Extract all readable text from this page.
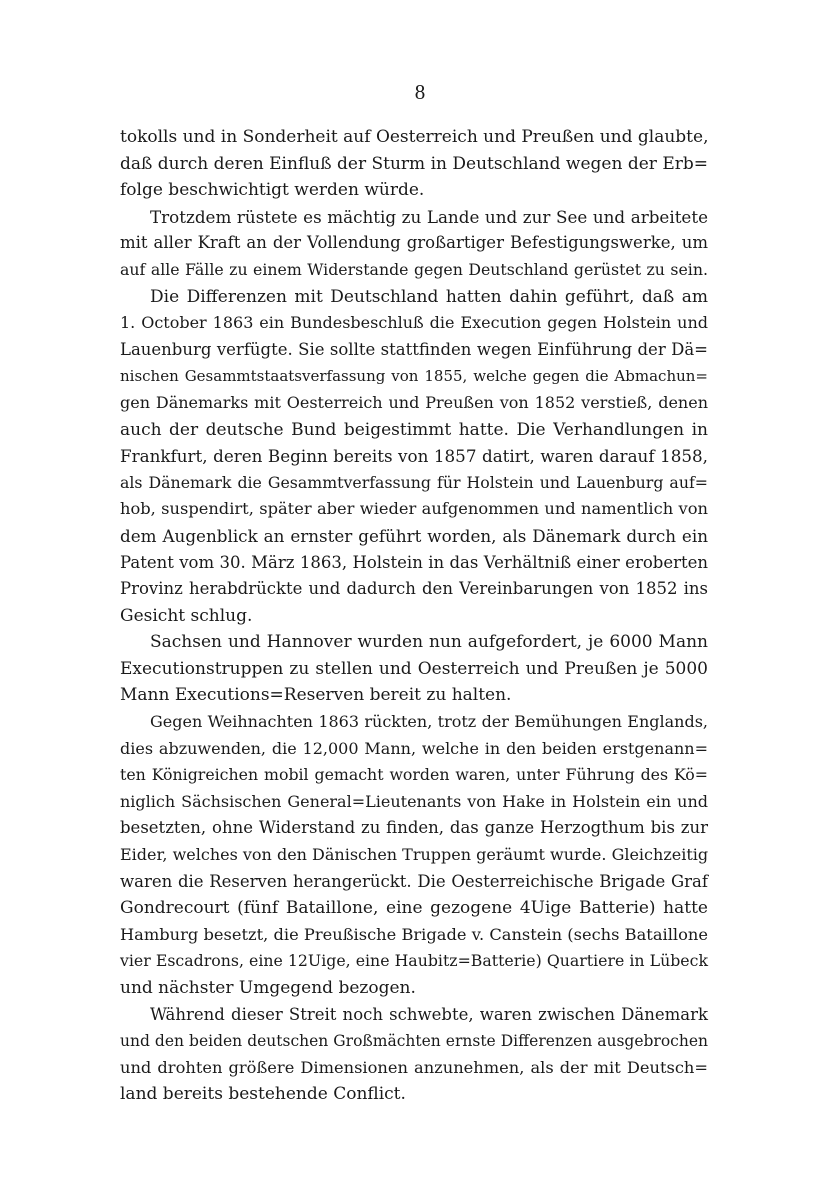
8
tokolls und in Sonderheit auf Oesterreich und Preußen und glaubte,
daß durch deren Einfluß der Sturm in Deutschland wegen der Erb=
folge beschwichtigt werden würde.
Trotzdem rüstete es mächtig zu Lande und zur See und arbeitete
mit aller Kraft an der Vollendung großartiger Befestigungswerke, um
auf alle Fälle zu einem Widerstande gegen Deutschland gerüstet zu sein.
Die Differenzen mit Deutschland hatten dahin geführt, daß am
1. October 1863 ein Bundesbeschluß die Execution gegen Holstein und
Lauenburg verfügte. Sie sollte stattfinden wegen Einführung der Dä=
nischen Gesammtstaatsverfassung von 1855, welche gegen die Abmachun=
gen Dänemarks mit Oesterreich und Preußen von 1852 verstieß, denen
auch der deutsche Bund beigestimmt hatte. Die Verhandlungen in
Frankfurt, deren Beginn bereits von 1857 datirt, waren darauf 1858,
als Dänemark die Gesammtverfassung für Holstein und Lauenburg auf=
hob, suspendirt, später aber wieder aufgenommen und namentlich von
dem Augenblick an ernster geführt worden, als Dänemark durch ein
Patent vom 30. März 1863, Holstein in das Verhältniß einer eroberten
Provinz herabdrückte und dadurch den Vereinbarungen von 1852 ins
Gesicht schlug.
Sachsen und Hannover wurden nun aufgefordert, je 6000 Mann
Executionstruppen zu stellen und Oesterreich und Preußen je 5000
Mann Executions=Reserven bereit zu halten.
Gegen Weihnachten 1863 rückten, trotz der Bemühungen Englands,
dies abzuwenden, die 12,000 Mann, welche in den beiden erstgenann=
ten Königreichen mobil gemacht worden waren, unter Führung des Kö=
niglich Sächsischen General=Lieutenants von Hake in Holstein ein und
besetzten, ohne Widerstand zu finden, das ganze Herzogthum bis zur
Eider, welches von den Dänischen Truppen geräumt wurde. Gleichzeitig
waren die Reserven herangerückt. Die Oesterreichische Brigade Graf
Gondrecourt (fünf Bataillone, eine gezogene 4Uige Batterie) hatte
Hamburg besetzt, die Preußische Brigade v. Canstein (sechs Bataillone
vier Escadrons, eine 12Uige, eine Haubitz=Batterie) Quartiere in Lübeck
und nächster Umgegend bezogen.
Während dieser Streit noch schwebte, waren zwischen Dänemark
und den beiden deutschen Großmächten ernste Differenzen ausgebrochen
und drohten größere Dimensionen anzunehmen, als der mit Deutsch=
land bereits bestehende Conflict.
